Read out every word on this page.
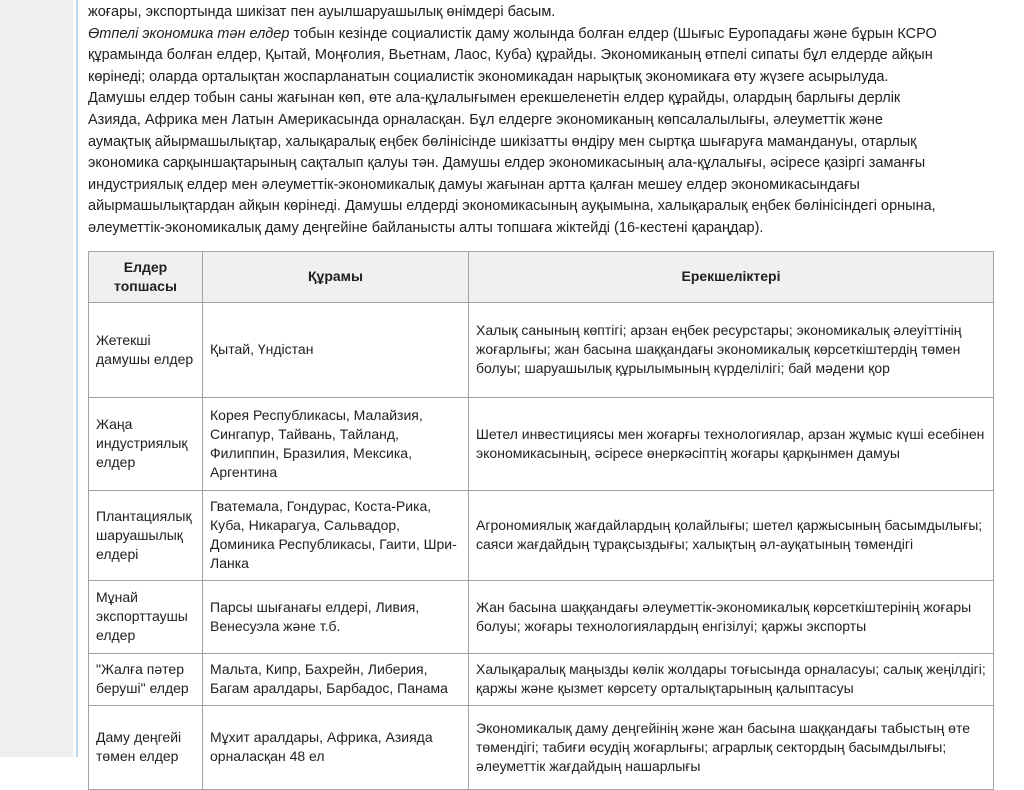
жоғары, экспортында шикізат пен ауылшаруашылық өнімдері басым.
Өтпелі экономика тән елдер тобын кезінде социалистік даму жолында болған елдер (Шығыс Еуропадағы және бұрын КСРО
құрамында болған елдер, Қытай, Моңғолия, Вьетнам, Лаос, Куба) құрайды. Экономиканың өтпелі сипаты бұл елдерде айқын
көрінеді; оларда орталықтан жоспарланатын социалистік экономикадан нарықтық экономикаға өту жүзеге асырылуда.
Дамушы елдер тобын саны жағынан көп, өте ала-құлалығымен ерекшеленетін елдер құрайды, олардың барлығы дерлік
Азияда, Африка мен Латын Америкасында орналасқан. Бұл елдерге экономиканың көпсалалылығы, әлеуметтік және
аумақтық айырмашылықтар, халықаралық еңбек бөлінісінде шикізатты өндіру мен сыртқа шығаруға мамандануы, отарлық
экономика сарқыншақтарының сақталып қалуы тән. Дамушы елдер экономикасының ала-құлалығы, әсіресе қазіргі заманғы
индустриялық елдер мен әлеуметтік-экономикалық дамуы жағынан артта қалған мешеу елдер экономикасындағы
айырмашылықтардан айқын көрінеді. Дамушы елдерді экономикасының ауқымына, халықаралық еңбек бөлінісіндегі орнына,
әлеуметтік-экономикалық даму деңгейіне байланысты алты топшаға жіктейді (16-кестені қараңдар).
Елдер топшасы	Құрамы	Ерекшеліктері
Жетекші дамушы елдер	Қытай, Үндістан	Халық санының көптігі; арзан еңбек ресурстары; экономикалық әлеуіттінің жоғарлығы; жан басына шаққандағы экономикалық көрсеткіштердің төмен болуы; шаруашылық құрылымының күрделілігі; бай мәдени қор
Жаңа индустриялық елдер	Корея Республикасы, Малайзия, Сингапур, Тайвань, Тайланд, Филиппин, Бразилия, Мексика, Аргентина	Шетел инвестициясы мен жоғарғы технологиялар, арзан жұмыс күші есебінен экономикасының, әсіресе өнеркәсіптің жоғары қарқынмен дамуы
Плантациялық шаруашылық елдері	Гватемала, Гондурас, Коста-Рика, Куба, Никарагуа, Сальвадор, Доминика Республикасы, Гаити, Шри-Ланка	Агрономиялық жағдайлардың қолайлығы; шетел қаржысының басымдылығы; саяси жағдайдың тұрақсыздығы; халықтың әл-ауқатының төмендігі
Мұнай экспорттаушы елдер	Парсы шығанағы елдері, Ливия, Венесуэла және т.б.	Жан басына шаққандағы әлеуметтік-экономикалық көрсеткіштерінің жоғары болуы; жоғары технологиялардың енгізілуі; қаржы экспорты
"Жалға пәтер беруші" елдер	Мальта, Кипр, Бахрейн, Либерия, Багам аралдары, Барбадос, Панама	Халықаралық маңызды көлік жолдары тоғысында орналасуы; салық жеңілдігі; қаржы және қызмет көрсету орталықтарының қалыптасуы
Даму деңгейі төмен елдер	Мұхит аралдары, Африка, Азияда орналасқан 48 ел	Экономикалық даму деңгейінің және жан басына шаққандағы табыстың өте төмендігі; табиғи өсудің жоғарлығы; аграрлық сектордың басымдылығы; әлеуметтік жағдайдың нашарлығы
